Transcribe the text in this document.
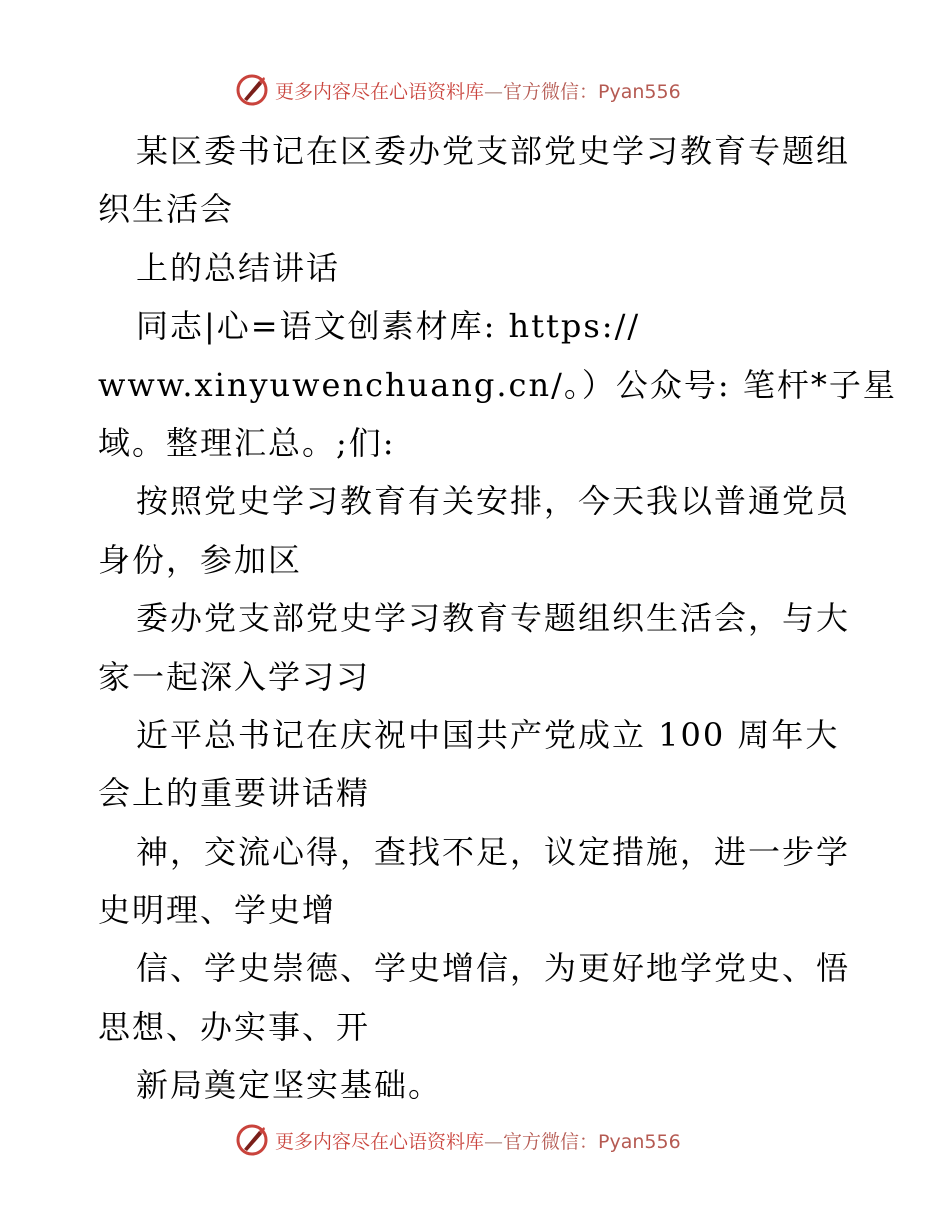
更多内容尽在心语资料库—官方微信：Pyan556
某区委书记在区委办党支部党史学习教育专题组
织生活会
上的总结讲话
同志|心=语文创素材库: https://
www.xinyuwenchuang.cn/。）公众号: 笔杆*子星
域。整理汇总。;们:
按照党史学习教育有关安排，今天我以普通党员
身份，参加区
委办党支部党史学习教育专题组织生活会，与大
家一起深入学习习
近平总书记在庆祝中国共产党成立 100 周年大
会上的重要讲话精
神，交流心得，查找不足，议定措施，进一步学
史明理、学史增
信、学史崇德、学史增信，为更好地学党史、悟
思想、办实事、开
新局奠定坚实基础。
更多内容尽在心语资料库—官方微信：Pyan556
